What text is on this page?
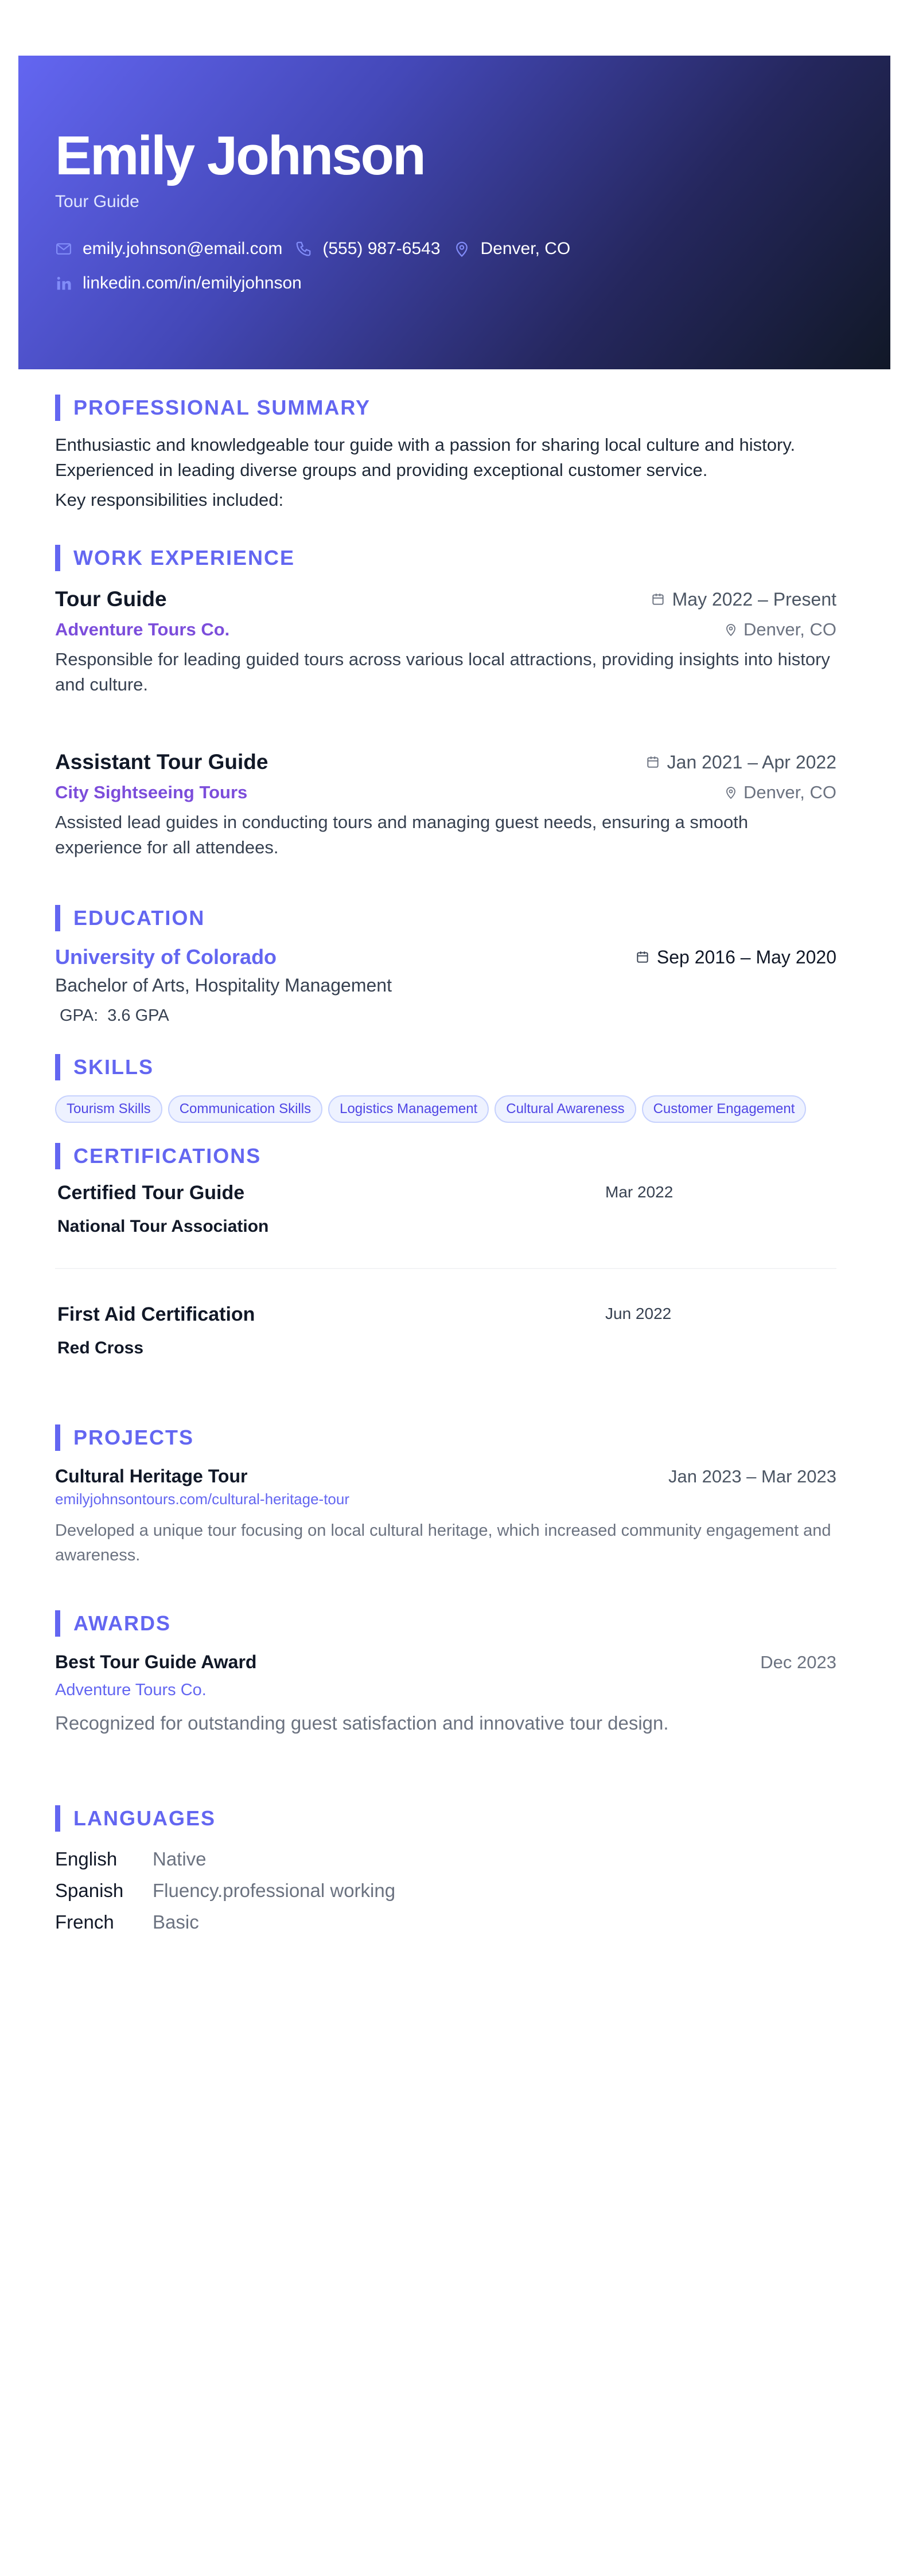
Emily Johnson
Tour Guide
emily.johnson@email.com (555) 987-6543 Denver, CO
linkedin.com/in/emilyjohnson
PROFESSIONAL SUMMARY
Enthusiastic and knowledgeable tour guide with a passion for sharing local culture and history. Experienced in leading diverse groups and providing exceptional customer service.
Key responsibilities included:
WORK EXPERIENCE
Tour Guide	May 2022 – Present
Adventure Tours Co.	Denver, CO
Responsible for leading guided tours across various local attractions, providing insights into history and culture.
Assistant Tour Guide	Jan 2021 – Apr 2022
City Sightseeing Tours	Denver, CO
Assisted lead guides in conducting tours and managing guest needs, ensuring a smooth experience for all attendees.
EDUCATION
University of Colorado	Sep 2016 – May 2020
Bachelor of Arts, Hospitality Management
GPA: 3.6 GPA
SKILLS
Tourism Skills Communication Skills Logistics Management Cultural Awareness Customer Engagement
CERTIFICATIONS
Certified Tour Guide
National Tour Association
Mar 2022
First Aid Certification
Red Cross
Jun 2022
PROJECTS
Cultural Heritage Tour	Jan 2023 – Mar 2023
emilyjohnsontours.com/cultural-heritage-tour
Developed a unique tour focusing on local cultural heritage, which increased community engagement and awareness.
AWARDS
Best Tour Guide Award	Dec 2023
Adventure Tours Co.
Recognized for outstanding guest satisfaction and innovative tour design.
LANGUAGES
English	Native
Spanish	Fluency.professional working
French	Basic
